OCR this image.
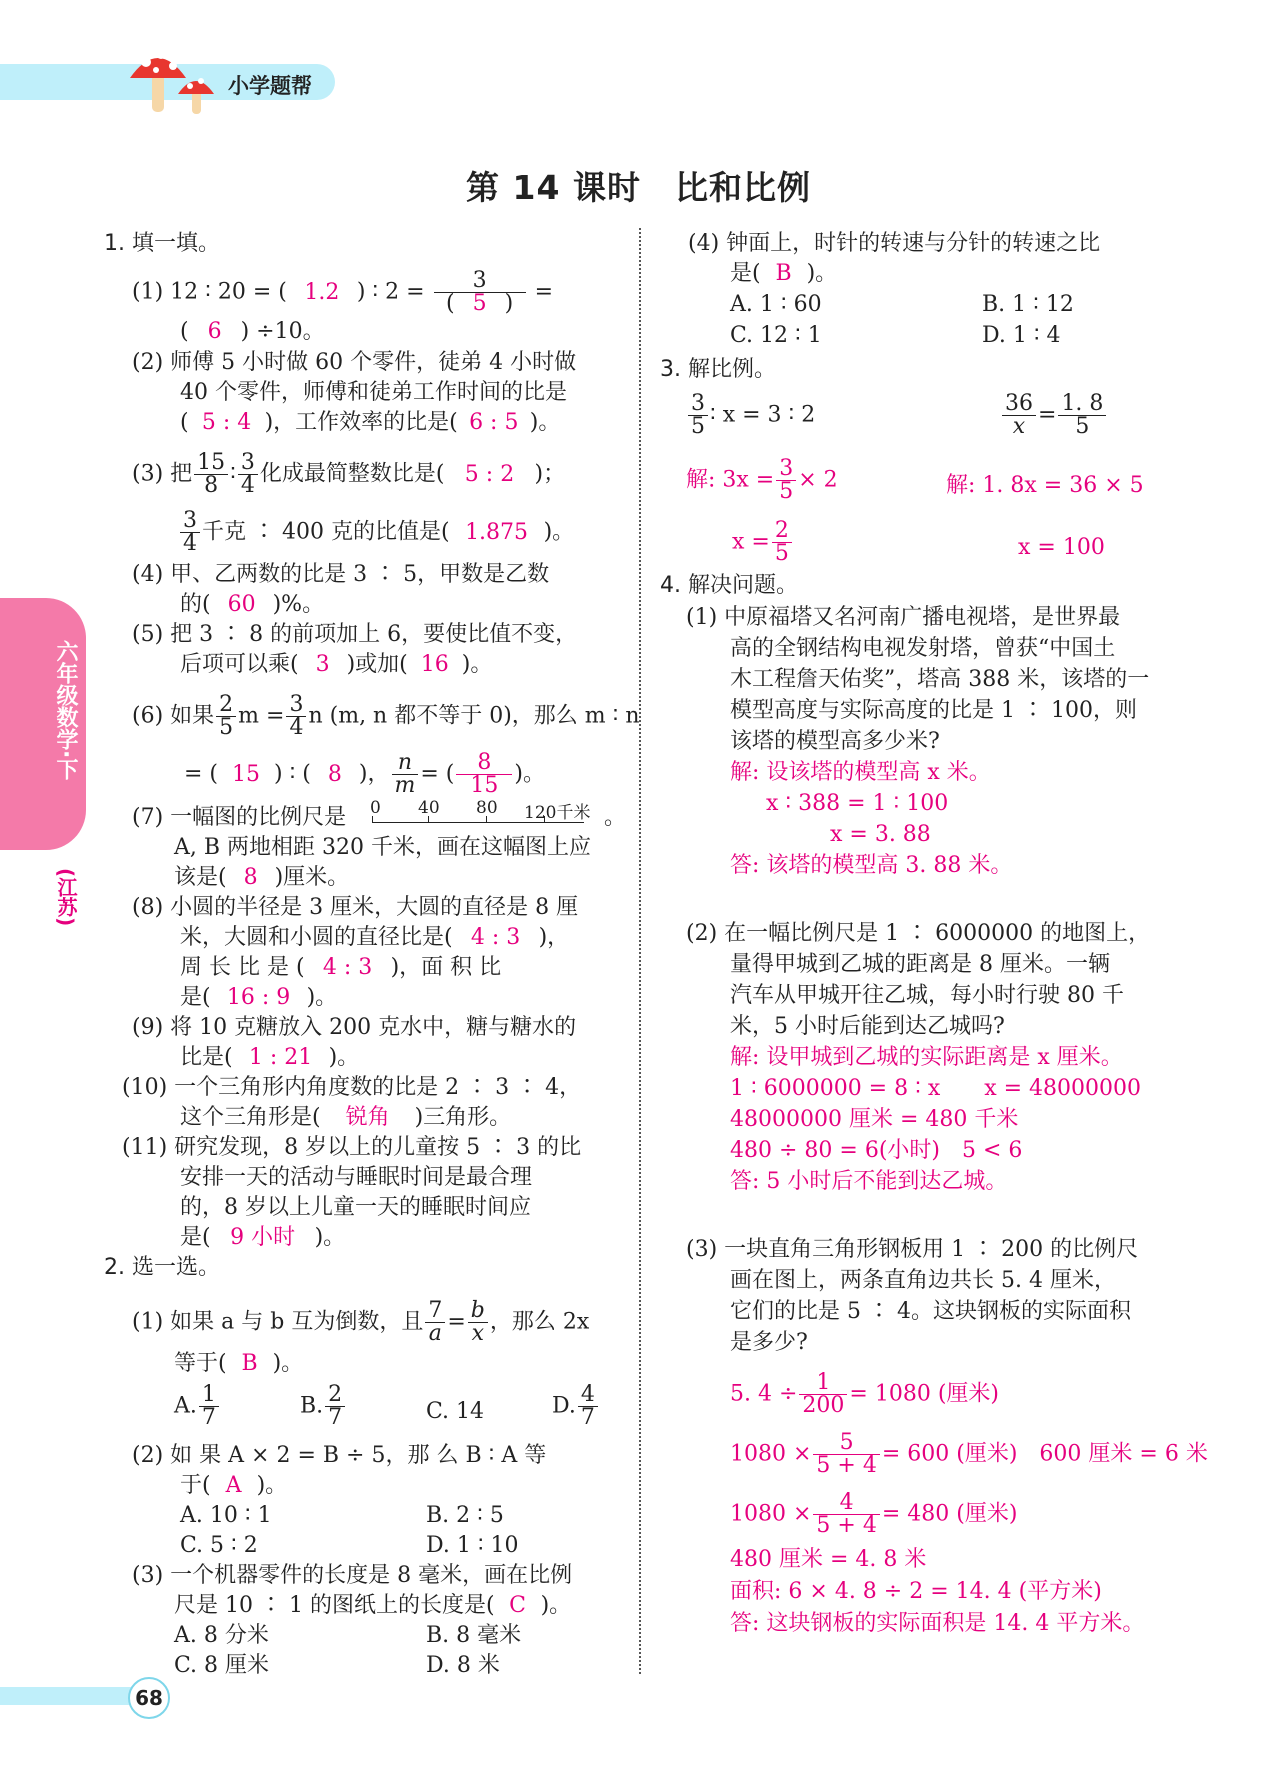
小学题帮
第 14 课时　比和比例
六年级数学·下
(江苏)
1. 填一填。
(1) 12 ∶ 20 = ( 1.2 ) ∶ $2 = \frac{3}{( 5 )}$ =
( 6 ) ÷10。
(2) 师傅 5 小时做 60 个零件，徒弟 4 小时做
40 个零件，师傅和徒弟工作时间的比是
( 5 : 4 )，工作效率的比是( 6 : 5 )。
(3) 把 $\frac{15}{8}$ ∶ $\frac{3}{4}$ 化成最简整数比是( 5 : 2 )；
$\frac{3}{4}$ 千克 ∶ 400 克的比值是( 1.875 )。
(4) 甲、乙两数的比是 3 ∶ 5，甲数是乙数
的( 60 )%。
(5) 把 3 ∶ 8 的前项加上 6，要使比值不变，
后项可以乘( 3 )或加( 16 )。
(6) 如果 $\frac{2}{5}$ $m = \frac{3}{4}$ n (m, n 都不等于 0)，那么 m ∶ n
= ( 15 ) ∶ ( 8 )， $\frac{n}{m}$ = ( $\frac{8}{15}$ )。
(7) 一幅图的比例尺是 0 40 80 120千米 。
A, B 两地相距 320 千米，画在这幅图上应
该是( 8 )厘米。
(8) 小圆的半径是 3 厘米，大圆的直径是 8 厘
米，大圆和小圆的直径比是( 4 : 3 )，
周 长 比 是 ( 4 : 3 )，面 积 比
是( 16 : 9 )。
(9) 将 10 克糖放入 200 克水中，糖与糖水的
比是( 1 : 21 )。
(10) 一个三角形内角度数的比是 2 ∶ 3 ∶ 4，
这个三角形是( 锐角 )三角形。
(11) 研究发现，8 岁以上的儿童按 5 ∶ 3 的比
安排一天的活动与睡眠时间是最合理
的，8 岁以上儿童一天的睡眠时间应
是( 9 小时 )。
2. 选一选。
(1) 如果 a 与 b 互为倒数，且 $\frac{7}{a} = \frac{b}{x}$ ，那么 2x
等于( B )。
A. $\frac{1}{7}$	B. $\frac{2}{7}$	C. 14	D. $\frac{4}{7}$
(2) 如 果 A × 2 = B ÷ 5，那 么 B ∶ A 等
于( A )。
A. 10 ∶ 1	B. 2 ∶ 5
C. 5 ∶ 2	D. 1 ∶ 10
(3) 一个机器零件的长度是 8 毫米，画在比例
尺是 10 ∶ 1 的图纸上的长度是( C )。
A. 8 分米	B. 8 毫米
C. 8 厘米	D. 8 米
(4) 钟面上，时针的转速与分针的转速之比
是( B )。
A. 1 ∶ 60	B. 1 ∶ 12
C. 12 ∶ 1	D. 1 ∶ 4
3. 解比例。
$\frac{3}{5}$ ∶ x = 3 ∶ 2	$\frac{36}{x} = \frac{1. 8}{5}$
解: $3x = \frac{3}{5} \times 2$	解: 1. 8x = 36 × 5
$x = \frac{2}{5}$	x = 100
4. 解决问题。
(1) 中原福塔又名河南广播电视塔，是世界最
高的全钢结构电视发射塔，曾获“中国土
木工程詹天佑奖”，塔高 388 米，该塔的一
模型高度与实际高度的比是 1 ∶ 100，则
该塔的模型高多少米?
解: 设该塔的模型高 x 米。
x ∶ 388 = 1 ∶ 100
x = 3. 88
答: 该塔的模型高 3. 88 米。
(2) 在一幅比例尺是 1 ∶ 6000000 的地图上，
量得甲城到乙城的距离是 8 厘米。一辆
汽车从甲城开往乙城，每小时行驶 80 千
米，5 小时后能到达乙城吗?
解: 设甲城到乙城的实际距离是 x 厘米。
1 ∶ 6000000 = 8 ∶ x　　x = 48000000
48000000 厘米 = 480 千米
480 ÷ 80 = 6(小时)　5 < 6
答: 5 小时后不能到达乙城。
(3) 一块直角三角形钢板用 1 ∶ 200 的比例尺
画在图上，两条直角边共长 5. 4 厘米，
它们的比是 5 ∶ 4。这块钢板的实际面积
是多少?
5. $4 \div \frac{1}{200} = 1080$ (厘米)
$1080 \times \frac{5}{5 + 4} = 600$ (厘米)　600 厘米 = 6 米
$1080 \times \frac{4}{5 + 4} = 480$ (厘米)
480 厘米 = 4. 8 米
面积: 6 × 4. 8 ÷ 2 = 14. 4 (平方米)
答: 这块钢板的实际面积是 14. 4 平方米。
68
